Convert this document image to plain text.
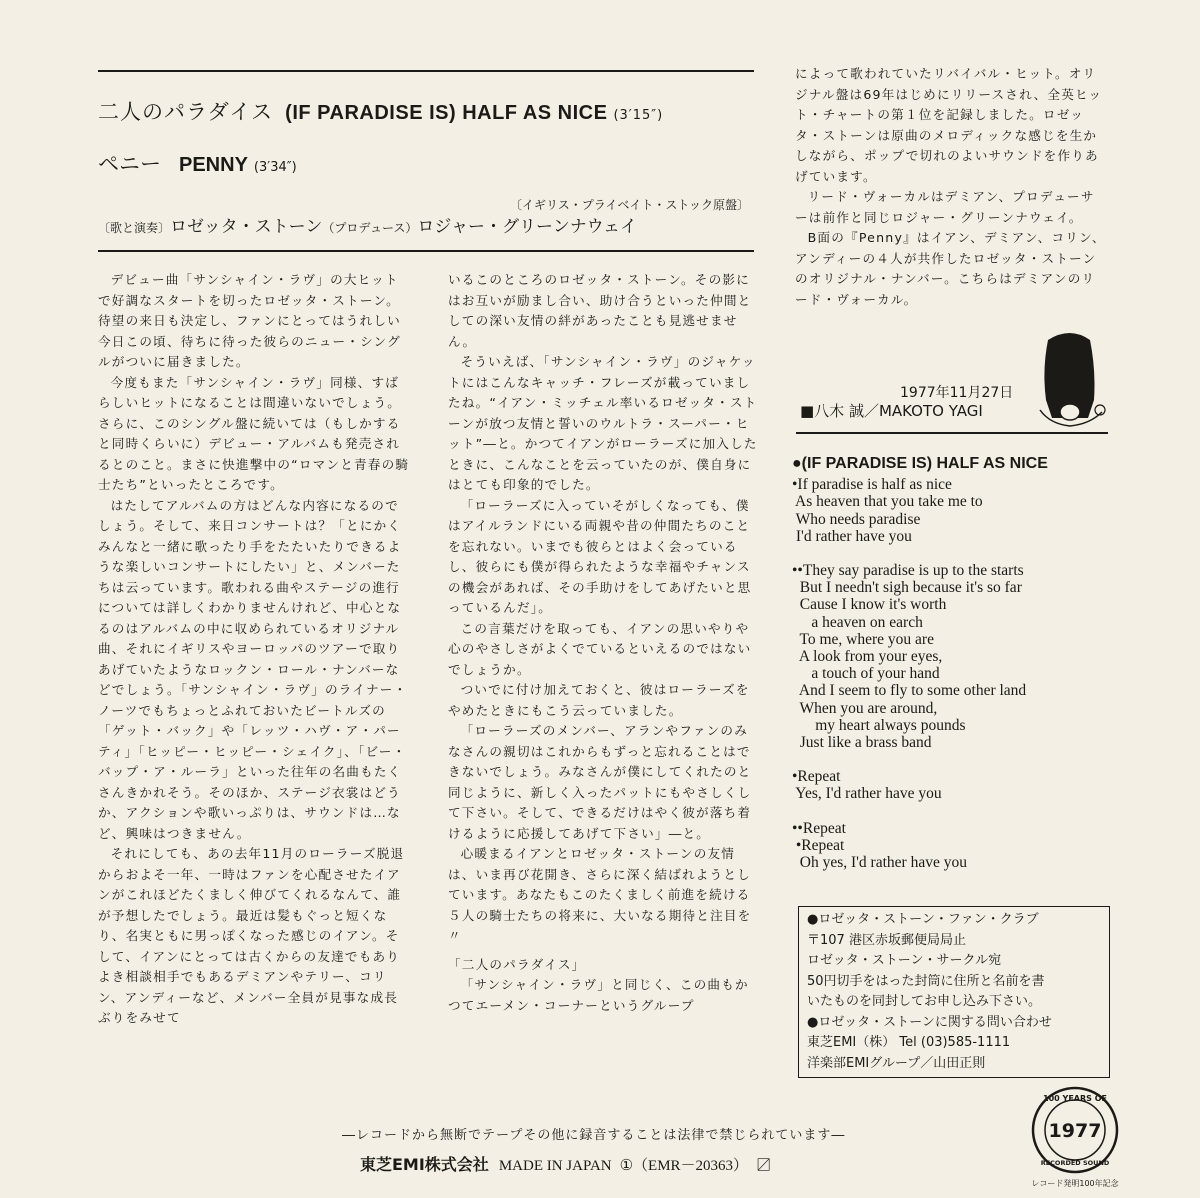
二人のパラダイス (IF PARADISE IS) HALF AS NICE (3′15″)
ペニー PENNY (3′34″)
〔イギリス・プライベイト・ストック原盤〕
〔歌と演奏〕ロゼッタ・ストーン（プロデュース）ロジャー・グリーンナウェイ

デビュー曲「サンシャイン・ラヴ」の大ヒットで好調なスタートを切ったロゼッタ・ストーン。待望の来日も決定し、ファンにとってはうれしい今日この頃、待ちに待った彼らのニュー・シングルがついに届きました。

今度もまた「サンシャイン・ラヴ」同様、すばらしいヒットになることは間違いないでしょう。さらに、このシングル盤に続いては（もしかすると同時くらいに）デビュー・アルバムも発売されるとのこと。まさに快進撃中の“ロマンと青春の騎士たち”といったところです。

はたしてアルバムの方はどんな内容になるのでしょう。そして、来日コンサートは？「とにかくみんなと一緒に歌ったり手をたたいたりできるような楽しいコンサートにしたい」と、メンバーたちは云っています。歌われる曲やステージの進行については詳しくわかりませんけれど、中心となるのはアルバムの中に収められているオリジナル曲、それにイギリスやヨーロッパのツアーで取りあげていたようなロックン・ロール・ナンバーなどでしょう。「サンシャイン・ラヴ」のライナー・ノーツでもちょっとふれておいたビートルズの「ゲット・バック」や「レッツ・ハヴ・ア・パーティ」「ヒッピー・ヒッピー・シェイク」、「ビー・バップ・ア・ルーラ」といった往年の名曲もたくさんきかれそう。そのほか、ステージ衣裳はどうか、アクションや歌いっぷりは、サウンドは…など、興味はつきません。

それにしても、あの去年11月のローラーズ脱退からおよそ一年、一時はファンを心配させたイアンがこれほどたくましく伸びてくれるなんて、誰が予想したでしょう。最近は髪もぐっと短くなり、名実ともに男っぽくなった感じのイアン。そして、イアンにとっては古くからの友達でもありよき相談相手でもあるデミアンやテリー、コリン、アンディーなど、メンバー全員が見事な成長ぶりをみせて

いるこのところのロゼッタ・ストーン。その影にはお互いが励まし合い、助け合うといった仲間としての深い友情の絆があったことも見逃せません。

そういえば、「サンシャイン・ラヴ」のジャケットにはこんなキャッチ・フレーズが載っていましたね。“イアン・ミッチェル率いるロゼッタ・ストーンが放つ友情と誓いのウルトラ・スーパー・ヒット”―と。かつてイアンがローラーズに加入したときに、こんなことを云っていたのが、僕自身にはとても印象的でした。

「ローラーズに入っていそがしくなっても、僕はアイルランドにいる両親や昔の仲間たちのことを忘れない。いまでも彼らとはよく会っているし、彼らにも僕が得られたような幸福やチャンスの機会があれば、その手助けをしてあげたいと思っているんだ」。

この言葉だけを取っても、イアンの思いやりや心のやさしさがよくでているといえるのではないでしょうか。

ついでに付け加えておくと、彼はローラーズをやめたときにもこう云っていました。

「ローラーズのメンバー、アランやファンのみなさんの親切はこれからもずっと忘れることはできないでしょう。みなさんが僕にしてくれたのと同じように、新しく入ったパットにもやさしくして下さい。そして、できるだけはやく彼が落ち着けるように応援してあげて下さい」―と。

心暖まるイアンとロゼッタ・ストーンの友情は、いま再び花開き、さらに深く結ばれようとしています。あなたもこのたくましく前進を続ける５人の騎士たちの将来に、大いなる期待と注目を〃

「二人のパラダイス」

「サンシャイン・ラヴ」と同じく、この曲もかつてエーメン・コーナーというグループ

によって歌われていたリバイバル・ヒット。オリジナル盤は69年はじめにリリースされ、全英ヒット・チャートの第１位を記録しました。ロゼッタ・ストーンは原曲のメロディックな感じを生かしながら、ポップで切れのよいサウンドを作りあげています。

リード・ヴォーカルはデミアン、プロデューサーは前作と同じロジャー・グリーンナウェイ。

B面の『Penny』はイアン、デミアン、コリン、アンディーの４人が共作したロゼッタ・ストーンのオリジナル・ナンバー。こちらはデミアンのリード・ヴォーカル。

1977年11月27日
■八木 誠／MAKOTO YAGI
●(IF PARADISE IS) HALF AS NICE
•If paradise is half as nice
As heaven that you take me to
Who needs paradise
I'd rather have you
••They say paradise is up to the starts
But I needn't sigh because it's so far
Cause I know it's worth
a heaven on earch
To me, where you are
A look from your eyes,
a touch of your hand
And I seem to fly to some other land
When you are around,
my heart always pounds
Just like a brass band
•Repeat
Yes, I'd rather have you
••Repeat
•Repeat
Oh yes, I'd rather have you
●ロゼッタ・ストーン・ファン・クラブ
〒107 港区赤坂郵便局局止
ロゼッタ・ストーン・サークル宛
50円切手をはった封筒に住所と名前を書
いたものを同封してお申し込み下さい。
●ロゼッタ・ストーンに関する問い合わせ
東芝EMI（株） Tel (03)585-1111
洋楽部EMIグループ／山田正則
―レコードから無断でテープその他に録音することは法律で禁じられています―
東芝EMI株式会社 MADE IN JAPAN ①（EMR－20363） 〼
100 YEARS OF
1977
RECORDED SOUND
レコード発明100年記念
